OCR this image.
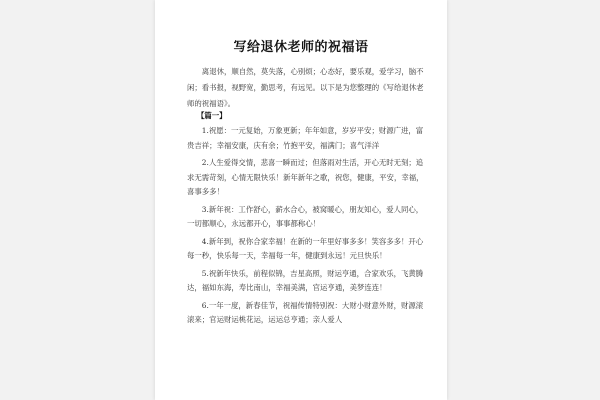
写给退休老师的祝福语
离退休，顺自然，莫失落，心别烦；心态好，要乐观，爱学习，脑不闲；看书报，视野宽，勤思考，有远见。以下是为您整理的《写给退休老师的祝福语》。
【篇一】
1.祝愿：一元复始，万象更新；年年如意，岁岁平安；财源广进，富贵吉祥；幸福安康，庆有余；竹抱平安，福满门；喜气洋洋
2.人生爱得交情，悲喜一瞬而过；但落雨对生活，开心无时无刻；追求无需苛刻，心情无限快乐！新年新年之歌，祝您，健康，平安，幸福，喜事多多！
3.新年祝：工作舒心，薪水合心，被窝暖心，朋友知心，爱人同心，一切都顺心，永远都开心，事事都称心！
4.新年到，祝你合家幸福！在新的一年里好事多多！笑容多多！开心每一秒，快乐每一天，幸福每一年，健康到永远！元旦快乐！
5.祝新年快乐，前程似锦，吉星高照，财运亨通，合家欢乐，飞黄腾达，福如东海，寿比南山，幸福美满，官运亨通，美梦连连！
6.一年一度，新春佳节，祝福传情特别祝：大财小财意外财，财源滚滚来；官运财运桃花运，运运总亨通；亲人爱人
